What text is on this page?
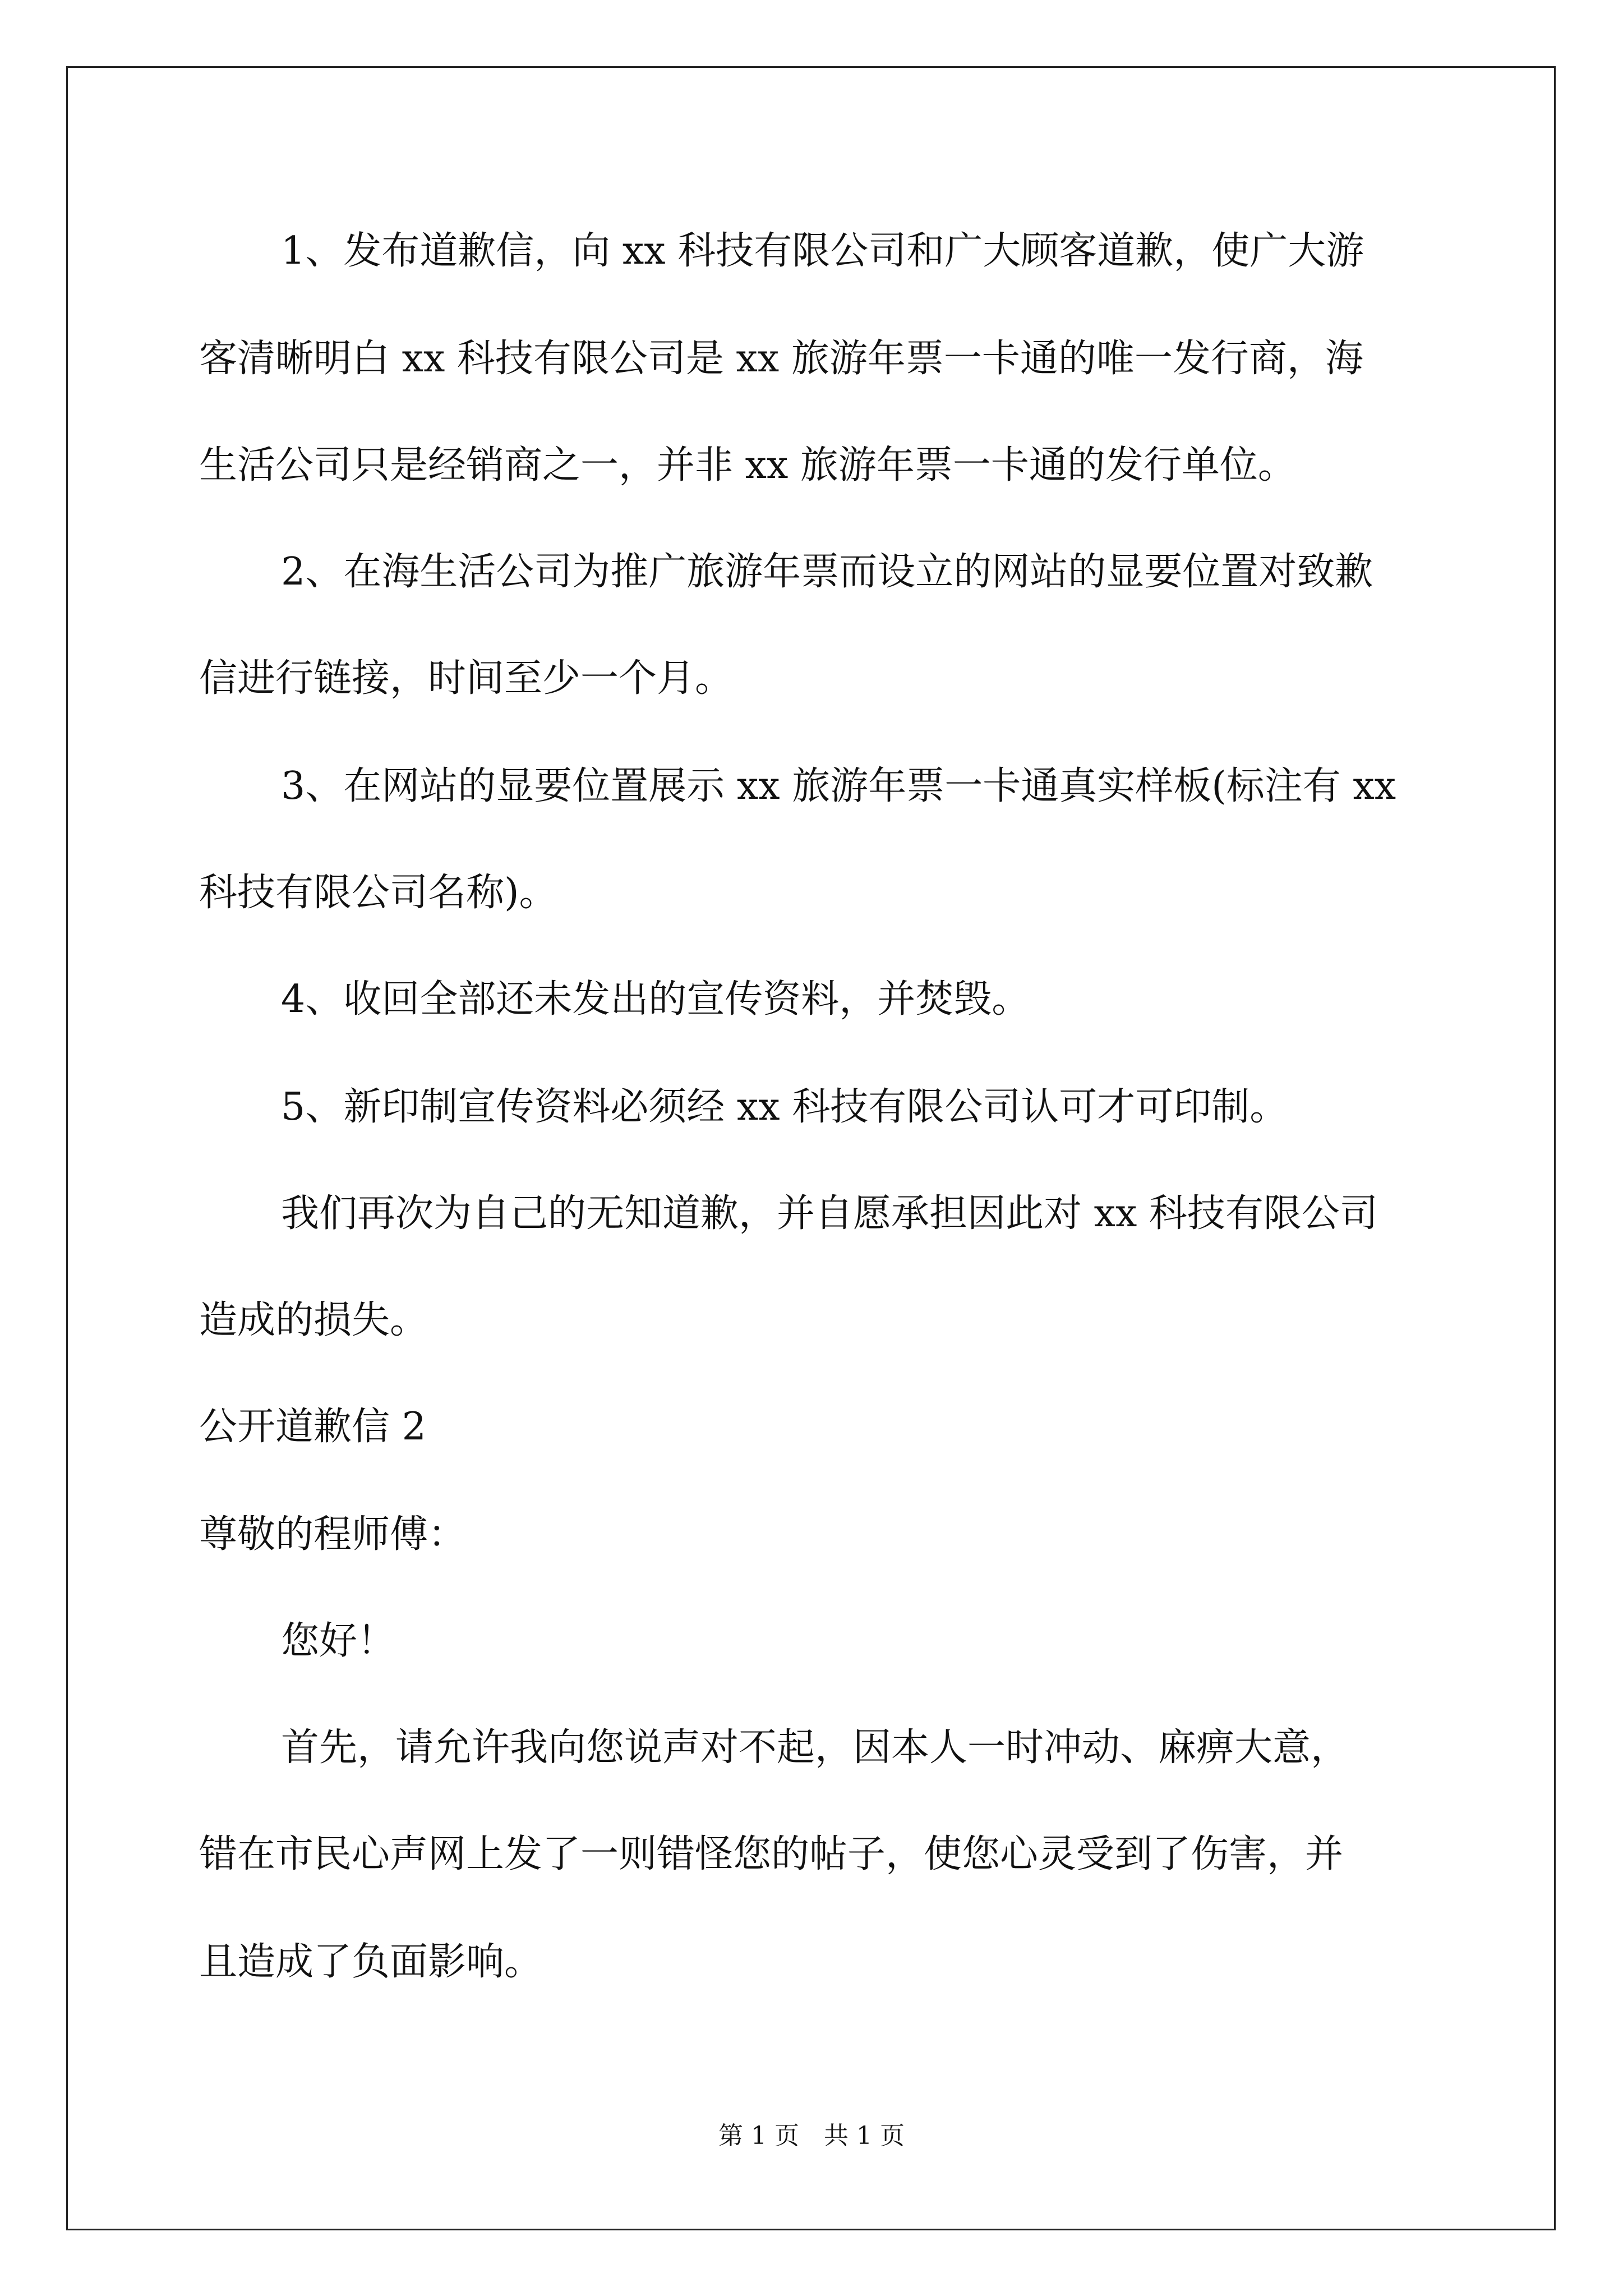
1、发布道歉信，向 xx 科技有限公司和广大顾客道歉，使广大游
客清晰明白 xx 科技有限公司是 xx 旅游年票一卡通的唯一发行商，海
生活公司只是经销商之一，并非 xx 旅游年票一卡通的发行单位。
2、在海生活公司为推广旅游年票而设立的网站的显要位置对致歉
信进行链接，时间至少一个月。
3、在网站的显要位置展示 xx 旅游年票一卡通真实样板(标注有 xx
科技有限公司名称)。
4、收回全部还未发出的宣传资料，并焚毁。
5、新印制宣传资料必须经 xx 科技有限公司认可才可印制。
我们再次为自己的无知道歉，并自愿承担因此对 xx 科技有限公司
造成的损失。
公开道歉信 2
尊敬的程师傅：
您好！
首先，请允许我向您说声对不起，因本人一时冲动、麻痹大意，
错在市民心声网上发了一则错怪您的帖子，使您心灵受到了伤害，并
且造成了负面影响。
第 1 页　共 1 页
